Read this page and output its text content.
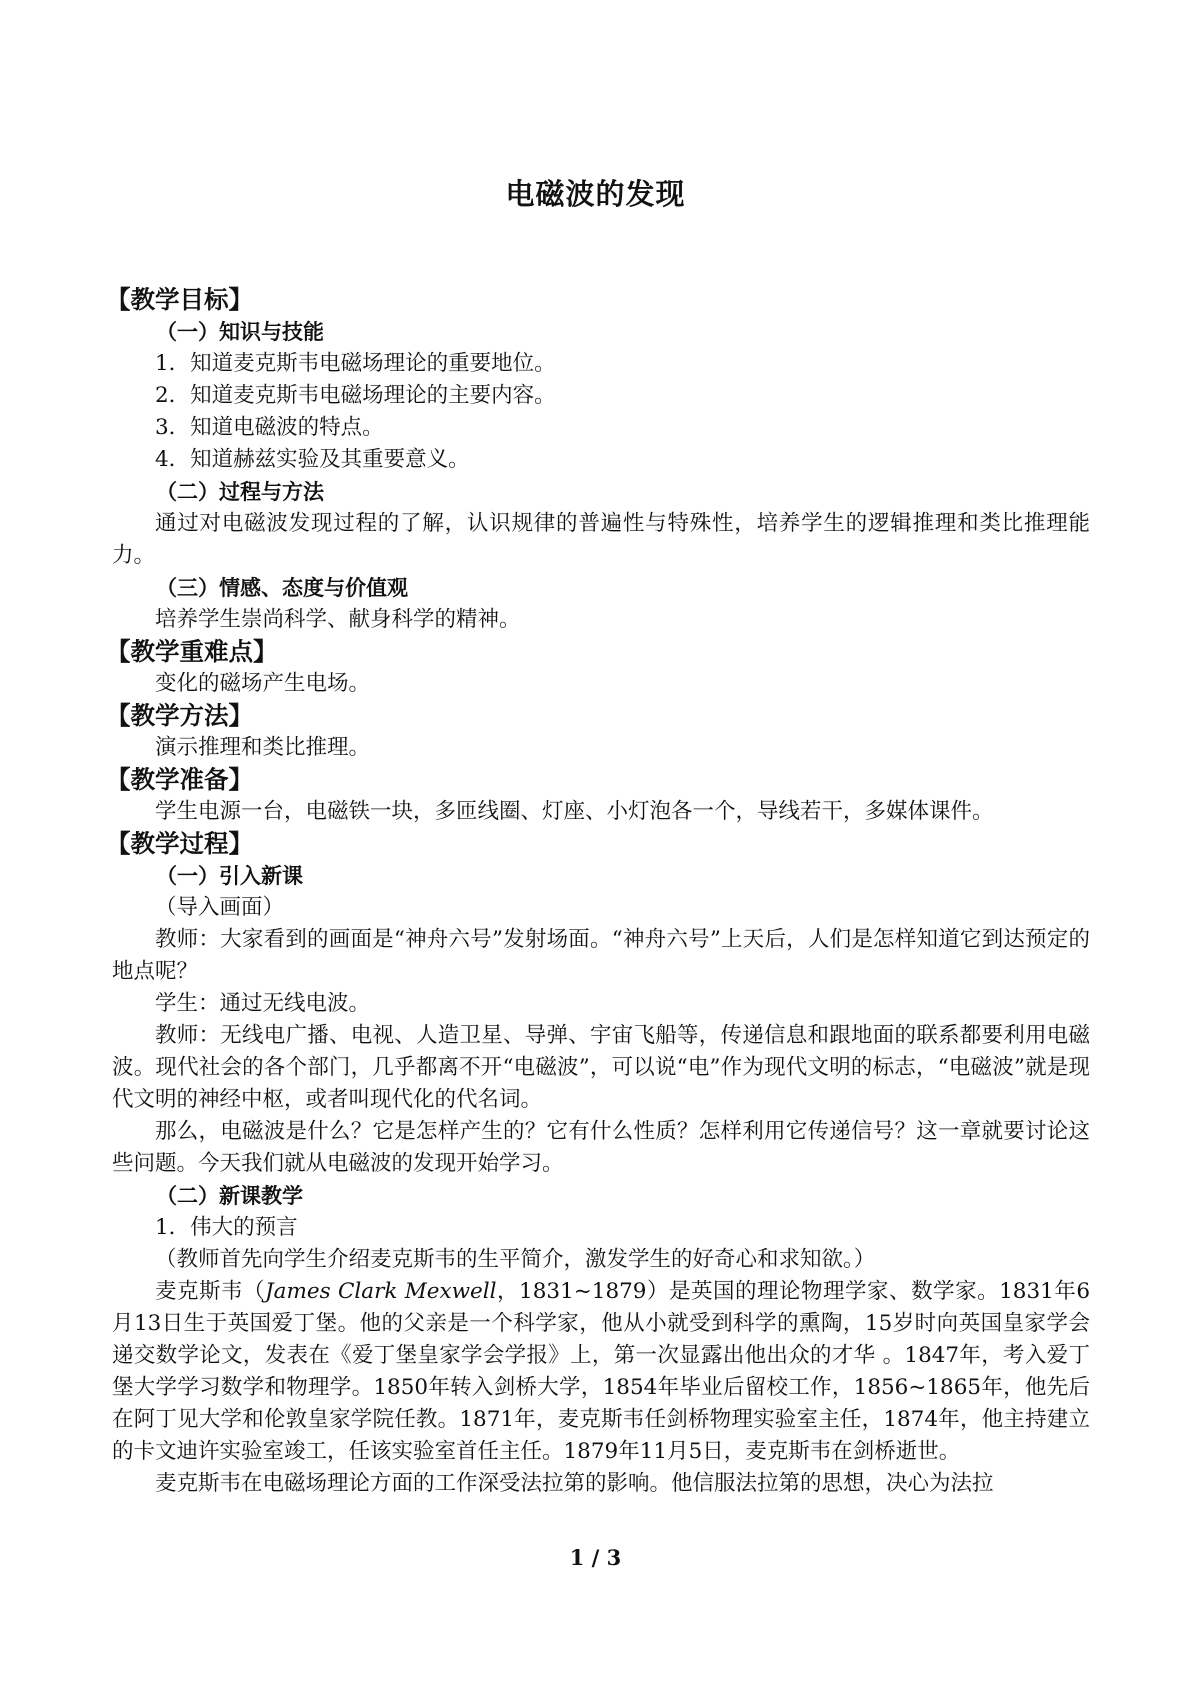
电磁波的发现
【教学目标】
（一）知识与技能

1．知道麦克斯韦电磁场理论的重要地位。

2．知道麦克斯韦电磁场理论的主要内容。

3．知道电磁波的特点。

4．知道赫兹实验及其重要意义。

（二）过程与方法

通过对电磁波发现过程的了解，认识规律的普遍性与特殊性，培养学生的逻辑推理和类比推理能力。

（三）情感、态度与价值观

培养学生崇尚科学、献身科学的精神。

【教学重难点】

变化的磁场产生电场。

【教学方法】

演示推理和类比推理。

【教学准备】

学生电源一台，电磁铁一块，多匝线圈、灯座、小灯泡各一个，导线若干，多媒体课件。

【教学过程】
（一）引入新课

（导入画面）

教师：大家看到的画面是“神舟六号”发射场面。“神舟六号”上天后，人们是怎样知道它到达预定的地点呢？

学生：通过无线电波。

教师：无线电广播、电视、人造卫星、导弹、宇宙飞船等，传递信息和跟地面的联系都要利用电磁波。现代社会的各个部门，几乎都离不开“电磁波”，可以说“电”作为现代文明的标志，“电磁波”就是现代文明的神经中枢，或者叫现代化的代名词。

那么，电磁波是什么？它是怎样产生的？它有什么性质？怎样利用它传递信号？这一章就要讨论这些问题。今天我们就从电磁波的发现开始学习。

（二）新课教学

1．伟大的预言

（教师首先向学生介绍麦克斯韦的生平简介，激发学生的好奇心和求知欲。）

麦克斯韦（James Clark Mexwell，1831~1879）是英国的理论物理学家、数学家。1831年6月13日生于英国爱丁堡。他的父亲是一个科学家，他从小就受到科学的熏陶，15岁时向英国皇家学会递交数学论文，发表在《爱丁堡皇家学会学报》上，第一次显露出他出众的才华 。1847年，考入爱丁堡大学学习数学和物理学。1850年转入剑桥大学，1854年毕业后留校工作，1856~1865年，他先后在阿丁见大学和伦敦皇家学院任教。1871年，麦克斯韦任剑桥物理实验室主任，1874年，他主持建立的卡文迪许实验室竣工，任该实验室首任主任。1879年11月5日，麦克斯韦在剑桥逝世。

麦克斯韦在电磁场理论方面的工作深受法拉第的影响。他信服法拉第的思想，决心为法拉

1 / 3
